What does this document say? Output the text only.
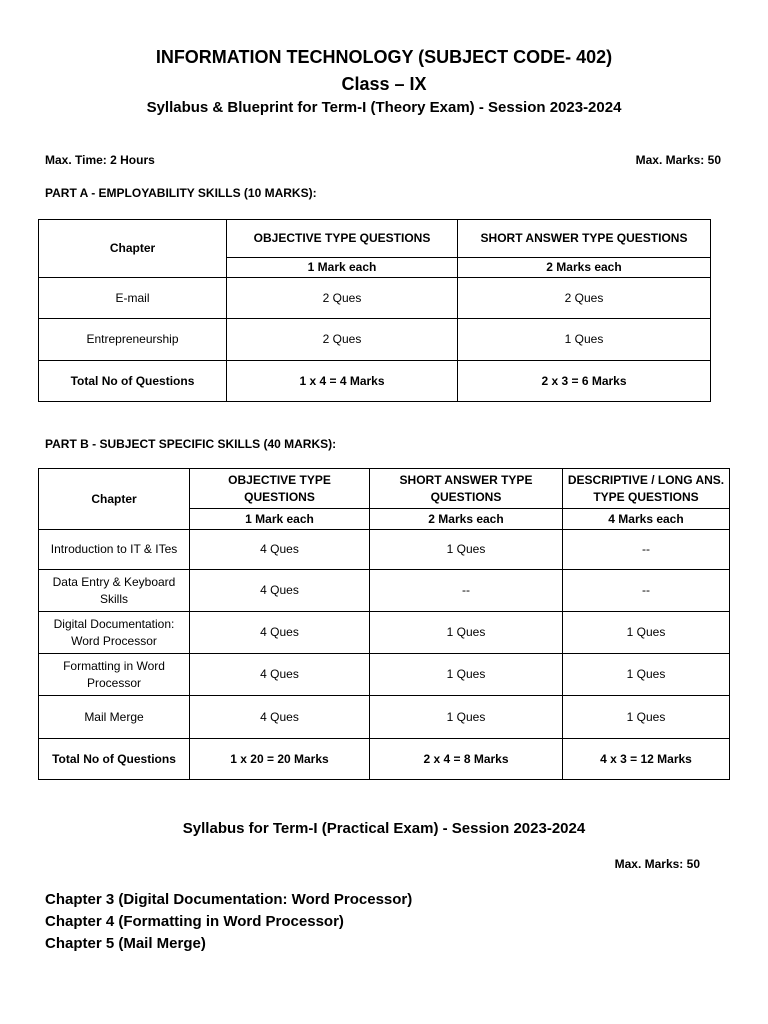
INFORMATION TECHNOLOGY (SUBJECT CODE- 402)
Class – IX
Syllabus & Blueprint for Term-I (Theory Exam) - Session 2023-2024
Max. Time: 2 Hours	Max. Marks: 50
PART A - EMPLOYABILITY SKILLS (10 MARKS):
Chapter	OBJECTIVE TYPE QUESTIONS	SHORT ANSWER TYPE QUESTIONS
	1 Mark each	2 Marks each
E-mail	2 Ques	2 Ques
Entrepreneurship	2 Ques	1 Ques
Total No of Questions	1 x 4 = 4 Marks	2 x 3 = 6 Marks
PART B - SUBJECT SPECIFIC SKILLS (40 MARKS):
Chapter	OBJECTIVE TYPE QUESTIONS	SHORT ANSWER TYPE QUESTIONS	DESCRIPTIVE / LONG ANS. TYPE QUESTIONS
	1 Mark each	2 Marks each	4 Marks each
Introduction to IT & ITes	4 Ques	1 Ques	--
Data Entry & Keyboard Skills	4 Ques	--	--
Digital Documentation: Word Processor	4 Ques	1 Ques	1 Ques
Formatting in Word Processor	4 Ques	1 Ques	1 Ques
Mail Merge	4 Ques	1 Ques	1 Ques
Total No of Questions	1 x 20 = 20 Marks	2 x 4 = 8 Marks	4 x 3 = 12 Marks
Syllabus for Term-I (Practical Exam) - Session 2023-2024
Max. Marks: 50
Chapter 3 (Digital Documentation: Word Processor)
Chapter 4 (Formatting in Word Processor)
Chapter 5 (Mail Merge)
